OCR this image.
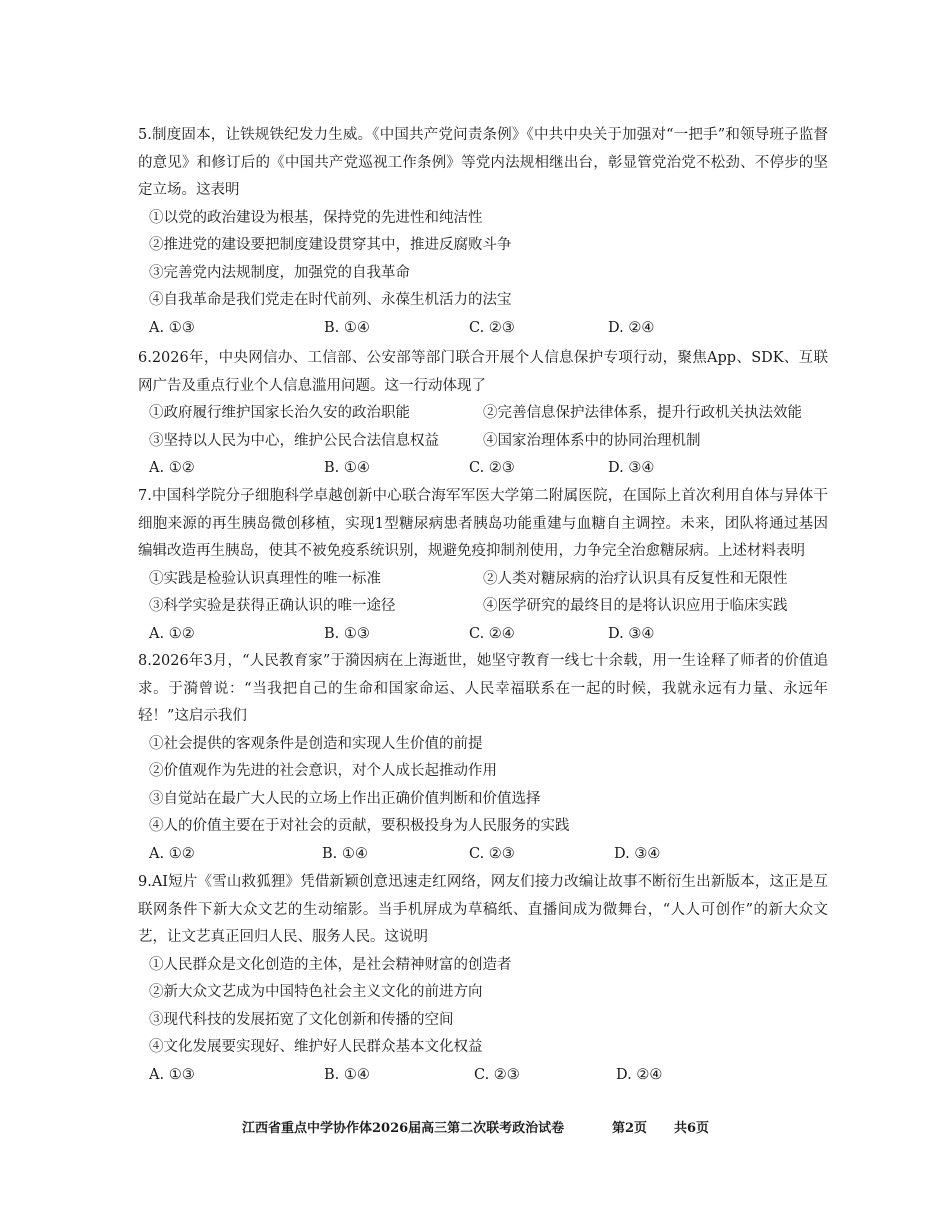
5.制度固本，让铁规铁纪发力生威。《中国共产党问责条例》《中共中央关于加强对“一把手”和领导班子监督的意见》和修订后的《中国共产党巡视工作条例》等党内法规相继出台，彰显管党治党不松劲、不停步的坚定立场。这表明

①以党的政治建设为根基，保持党的先进性和纯洁性

②推进党的建设要把制度建设贯穿其中，推进反腐败斗争

③完善党内法规制度，加强党的自我革命

④自我革命是我们党走在时代前列、永葆生机活力的法宝

A. ①③	B. ①④	C. ②③	D. ②④

6.2026年，中央网信办、工信部、公安部等部门联合开展个人信息保护专项行动，聚焦App、SDK、互联网广告及重点行业个人信息滥用问题。这一行动体现了

①政府履行维护国家长治久安的政治职能	②完善信息保护法律体系，提升行政机关执法效能

③坚持以人民为中心，维护公民合法信息权益	④国家治理体系中的协同治理机制

A. ①②	B. ①④	C. ②③	D. ③④

7.中国科学院分子细胞科学卓越创新中心联合海军军医大学第二附属医院，在国际上首次利用自体与异体干细胞来源的再生胰岛微创移植，实现1型糖尿病患者胰岛功能重建与血糖自主调控。未来，团队将通过基因编辑改造再生胰岛，使其不被免疫系统识别，规避免疫抑制剂使用，力争完全治愈糖尿病。上述材料表明

①实践是检验认识真理性的唯一标准	②人类对糖尿病的治疗认识具有反复性和无限性

③科学实验是获得正确认识的唯一途径	④医学研究的最终目的是将认识应用于临床实践

A. ①②	B. ①③	C. ②④	D. ③④

8.2026年3月，“人民教育家”于漪因病在上海逝世，她坚守教育一线七十余载，用一生诠释了师者的价值追求。于漪曾说：“当我把自己的生命和国家命运、人民幸福联系在一起的时候，我就永远有力量、永远年轻！”这启示我们

①社会提供的客观条件是创造和实现人生价值的前提

②价值观作为先进的社会意识，对个人成长起推动作用

③自觉站在最广大人民的立场上作出正确价值判断和价值选择

④人的价值主要在于对社会的贡献，要积极投身为人民服务的实践

A. ①②	B. ①④	C. ②③	D. ③④

9.AI短片《雪山救狐狸》凭借新颖创意迅速走红网络，网友们接力改编让故事不断衍生出新版本，这正是互联网条件下新大众文艺的生动缩影。当手机屏成为草稿纸、直播间成为微舞台，“人人可创作”的新大众文艺，让文艺真正回归人民、服务人民。这说明

①人民群众是文化创造的主体，是社会精神财富的创造者

②新大众文艺成为中国特色社会主义文化的前进方向

③现代科技的发展拓宽了文化创新和传播的空间

④文化发展要实现好、维护好人民群众基本文化权益

A. ①③	B. ①④	C. ②③	D. ②④
江西省重点中学协作体2026届高三第二次联考政治试卷	第2页 共6页
